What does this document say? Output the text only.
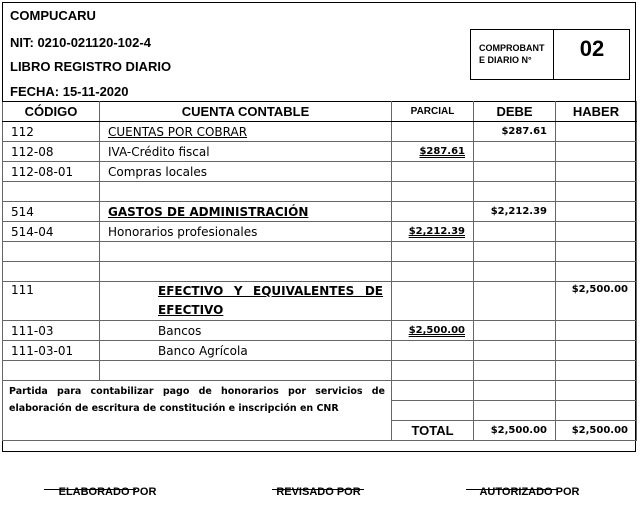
COMPUCARU
NIT: 0210-021120-102-4
LIBRO REGISTRO DIARIO
FECHA: 15-11-2020
COMPROBANT E DIARIO N°	02
CÓDIGO	CUENTA CONTABLE	PARCIAL	DEBE	HABER
112	CUENTAS POR COBRAR		$287.61	
112-08	IVA-Crédito fiscal	$287.61		
112-08-01	Compras locales			

514	GASTOS DE ADMINISTRACIÓN		$2,212.39	
514-04	Honorarios profesionales	$2,212.39		

111	EFECTIVO Y EQUIVALENTES DE EFECTIVO			$2,500.00
111-03	Bancos	$2,500.00		
111-03-01	Banco Agrícola			

Partida para contabilizar pago de honorarios por servicios de elaboración de escritura de constitución e inscripción en CNR				

		TOTAL	$2,500.00	$2,500.00
ELABORADO POR	REVISADO POR	AUTORIZADO POR
